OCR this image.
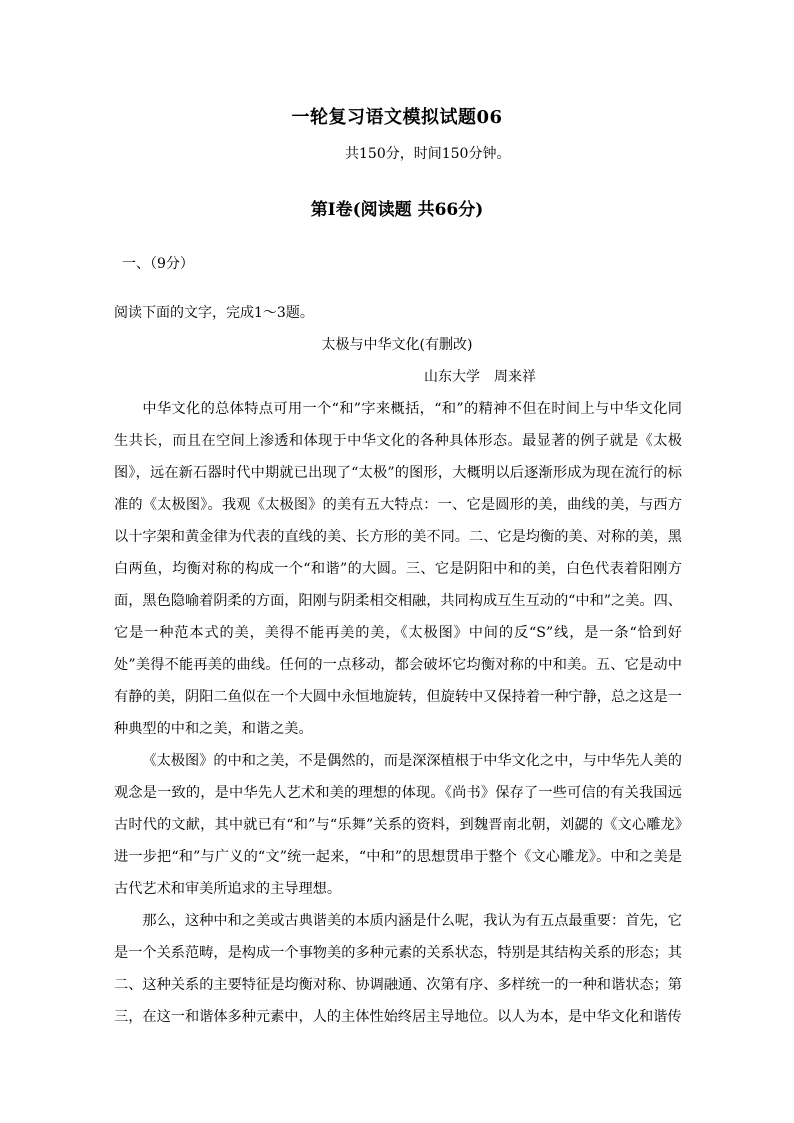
一轮复习语文模拟试题06
共150分，时间150分钟。
第Ⅰ卷(阅读题 共66分)
一、（9分）
阅读下面的文字，完成1～3题。
太极与中华文化(有删改)
山东大学　周来祥

中华文化的总体特点可用一个“和”字来概括，“和”的精神不但在时间上与中华文化同生共长，而且在空间上渗透和体现于中华文化的各种具体形态。最显著的例子就是《太极图》，远在新石器时代中期就已出现了“太极”的图形，大概明以后逐渐形成为现在流行的标准的《太极图》。我观《太极图》的美有五大特点：一、它是圆形的美，曲线的美，与西方以十字架和黄金律为代表的直线的美、长方形的美不同。二、它是均衡的美、对称的美，黑白两鱼，均衡对称的构成一个“和谐”的大圆。三、它是阴阳中和的美，白色代表着阳刚方面，黑色隐喻着阴柔的方面，阳刚与阴柔相交相融，共同构成互生互动的“中和”之美。四、它是一种范本式的美，美得不能再美的美，《太极图》中间的反“S”线，是一条“恰到好处”美得不能再美的曲线。任何的一点移动，都会破坏它均衡对称的中和美。五、它是动中有静的美，阴阳二鱼似在一个大圆中永恒地旋转，但旋转中又保持着一种宁静，总之这是一种典型的中和之美，和谐之美。

《太极图》的中和之美，不是偶然的，而是深深植根于中华文化之中，与中华先人美的观念是一致的，是中华先人艺术和美的理想的体现。《尚书》保存了一些可信的有关我国远古时代的文献，其中就已有“和”与“乐舞”关系的资料，到魏晋南北朝，刘勰的《文心雕龙》进一步把“和”与广义的“文”统一起来，“中和”的思想贯串于整个《文心雕龙》。中和之美是古代艺术和审美所追求的主导理想。

那么，这种中和之美或古典谐美的本质内涵是什么呢，我认为有五点最重要：首先，它是一个关系范畴，是构成一个事物美的多种元素的关系状态，特别是其结构关系的形态；其二、这种关系的主要特征是均衡对称、协调融通、次第有序、多样统一的一种和谐状态；第三，在这一和谐体多种元素中，人的主体性始终居主导地位。以人为本，是中华文化和谐传
